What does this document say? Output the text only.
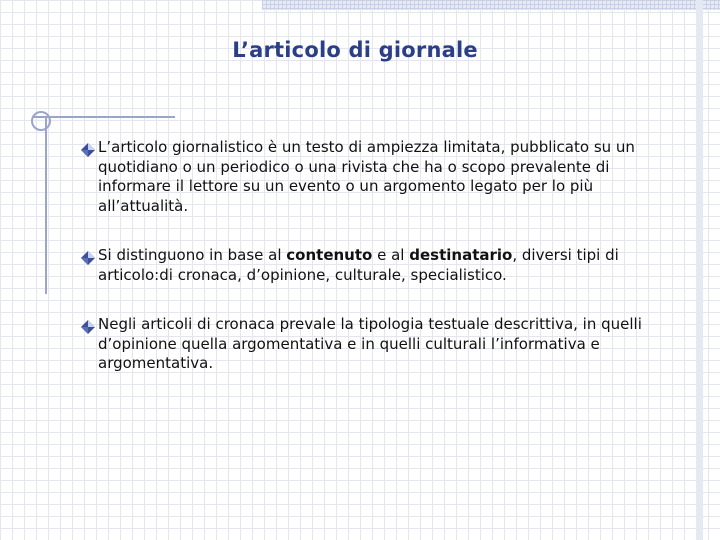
L’articolo di giornale
L’articolo giornalistico è un testo di ampiezza limitata, pubblicato su un quotidiano o un periodico o una rivista che ha o scopo prevalente di informare il lettore su un evento o un argomento legato per lo più all’attualità.
Si distinguono in base al contenuto e al destinatario, diversi tipi di articolo:di cronaca, d’opinione, culturale, specialistico.
Negli articoli di cronaca prevale la tipologia testuale descrittiva, in quelli d’opinione quella argomentativa e in quelli culturali l’informativa e argomentativa.
